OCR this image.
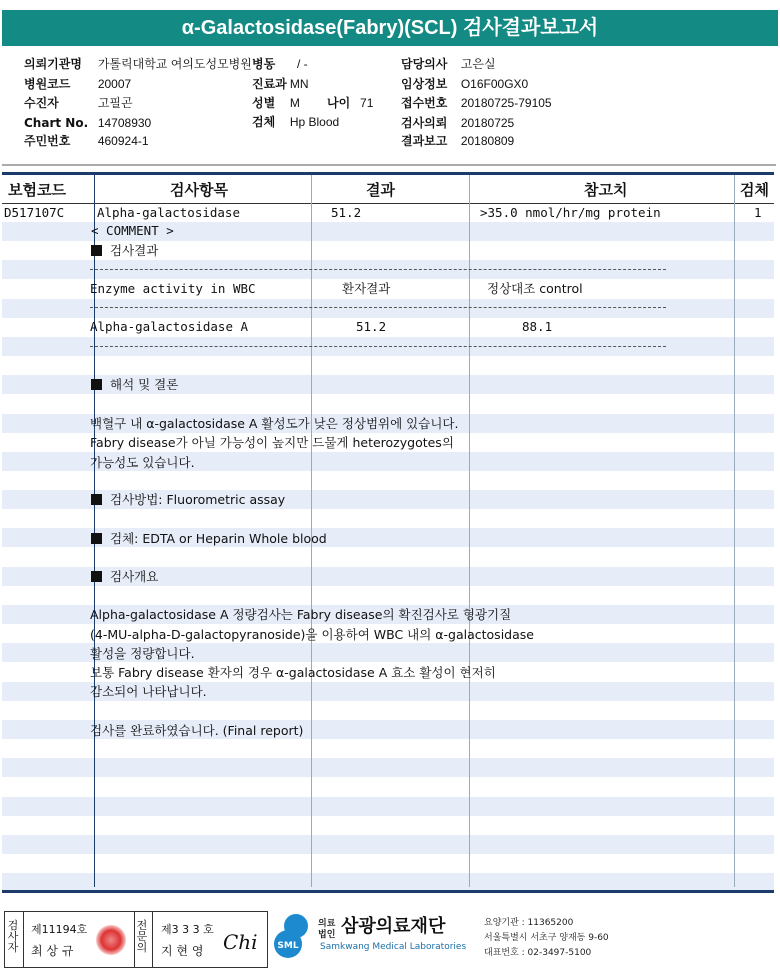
α-Galactosidase(Fabry)(SCL) 검사결과보고서
의뢰기관명 가톨릭대학교 여의도성모병원 병동 / -	담당의사 고은실
병원코드 20007	진료과 MN	임상정보 O16F00GX0
수진자	고필곤	성별 M 나이 71 접수번호 20180725-79105
Chart No. 14708930	검체 Hp Blood	검사의뢰 20180725
주민번호 460924-1	결과보고 20180809
보험코드	검사항목	결과	참고치	검체
D517107C	Alpha-galactosidase	51.2	>35.0 nmol/hr/mg protein	1
< COMMENT >
검사결과
Enzyme activity in WBC	환자결과	정상대조 control
Alpha-galactosidase A	51.2	88.1
해석 및 결론
백혈구 내 α-galactosidase A 활성도가 낮은 정상범위에 있습니다.
Fabry disease가 아닐 가능성이 높지만 드물게 heterozygotes의
가능성도 있습니다.
검사방법: Fluorometric assay
검체: EDTA or Heparin Whole blood
검사개요
Alpha-galactosidase A 정량검사는 Fabry disease의 확진검사로 형광기질
(4-MU-alpha-D-galactopyranoside)을 이용하여 WBC 내의 α-galactosidase
활성을 정량합니다.
보통 Fabry disease 환자의 경우 α-galactosidase A 효소 활성이 현저히
감소되어 나타납니다.
검사를 완료하였습니다. (Final report)
검사자
제11194호
최 상 규
전문의
제3 3 3 호
지 현 영 Chi SML
의료
법인 삼광의료재단
Samkwang Medical Laboratories
요양기관 : 11365200
서울특별시 서초구 양재동 9-60
대표번호 : 02-3497-5100
